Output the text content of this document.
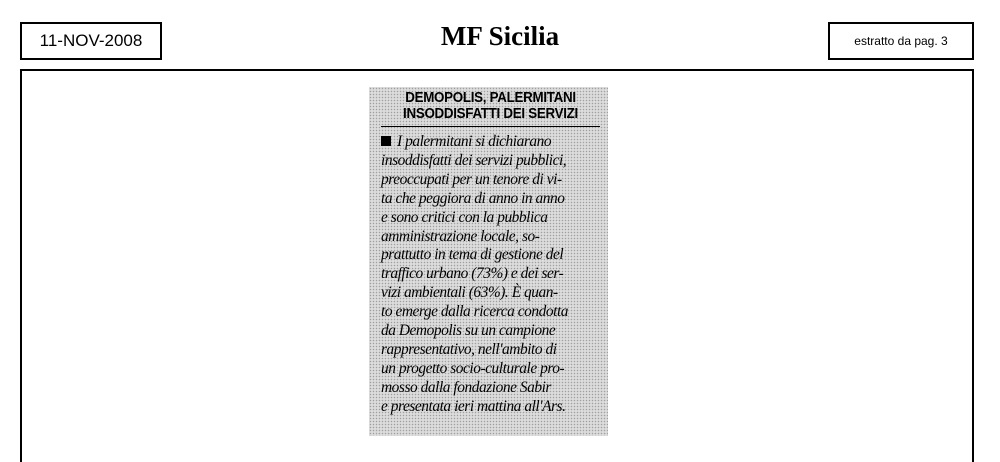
11-NOV-2008	MF Sicilia	estratto da pag. 3
DEMOPOLIS, PALERMITANI
INSODDISFATTI DEI SERVIZI
I palermitani si dichiarano
insoddisfatti dei servizi pubblici,
preoccupati per un tenore di vi-
ta che peggiora di anno in anno
e sono critici con la pubblica
amministrazione locale, so-
prattutto in tema di gestione del
traffico urbano (73%) e dei ser-
vizi ambientali (63%). È quan-
to emerge dalla ricerca condotta
da Demopolis su un campione
rappresentativo, nell'ambito di
un progetto socio-culturale pro-
mosso dalla fondazione Sabir
e presentata ieri mattina all'Ars.
